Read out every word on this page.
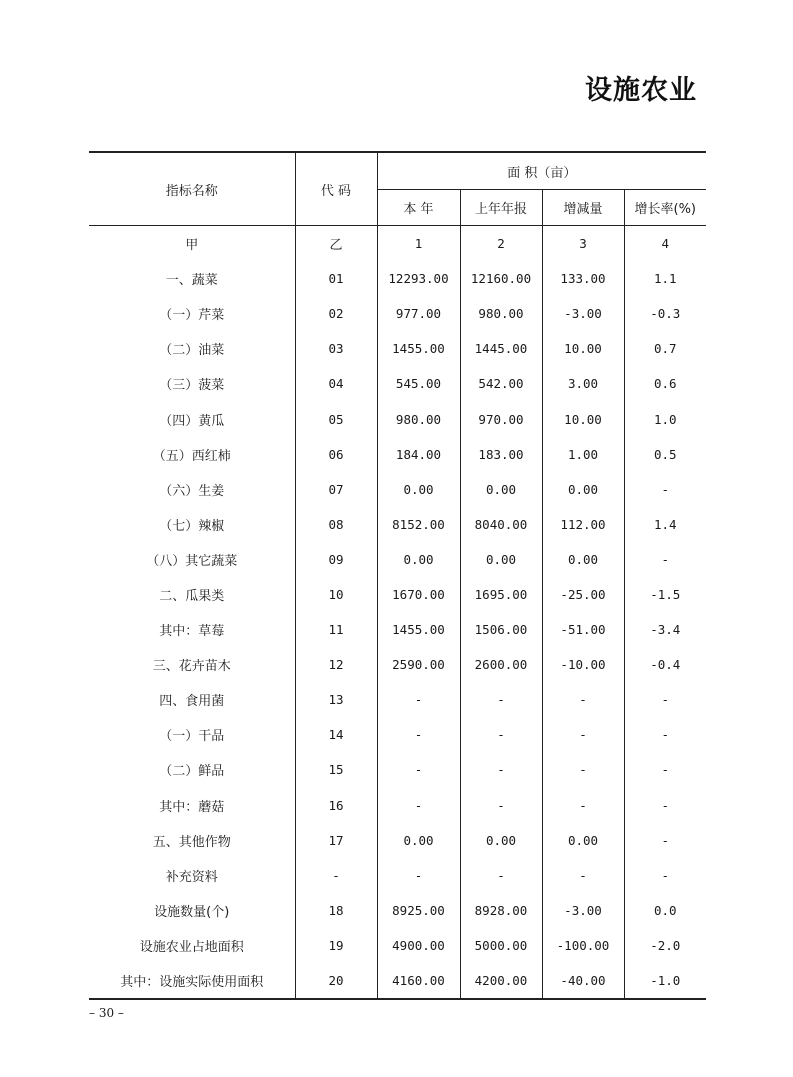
设施农业
指标名称	代 码	面 积（亩）			
		本 年	上年年报	增减量	增长率(%)
甲	乙	1	2	3	4
一、蔬菜	01	12293.00	12160.00	133.00	1.1
（一）芹菜	02	977.00	980.00	-3.00	-0.3
（二）油菜	03	1455.00	1445.00	10.00	0.7
（三）菠菜	04	545.00	542.00	3.00	0.6
（四）黄瓜	05	980.00	970.00	10.00	1.0
（五）西红柿	06	184.00	183.00	1.00	0.5
（六）生姜	07	0.00	0.00	0.00	-
（七）辣椒	08	8152.00	8040.00	112.00	1.4
（八）其它蔬菜	09	0.00	0.00	0.00	-
二、瓜果类	10	1670.00	1695.00	-25.00	-1.5
其中：草莓	11	1455.00	1506.00	-51.00	-3.4
三、花卉苗木	12	2590.00	2600.00	-10.00	-0.4
四、食用菌	13	-	-	-	-
（一）干品	14	-	-	-	-
（二）鲜品	15	-	-	-	-
其中：蘑菇	16	-	-	-	-
五、其他作物	17	0.00	0.00	0.00	-
补充资料	-	-	-	-	-
设施数量(个)	18	8925.00	8928.00	-3.00	0.0
设施农业占地面积	19	4900.00	5000.00	-100.00	-2.0
其中：设施实际使用面积	20	4160.00	4200.00	-40.00	-1.0
– 30 –
